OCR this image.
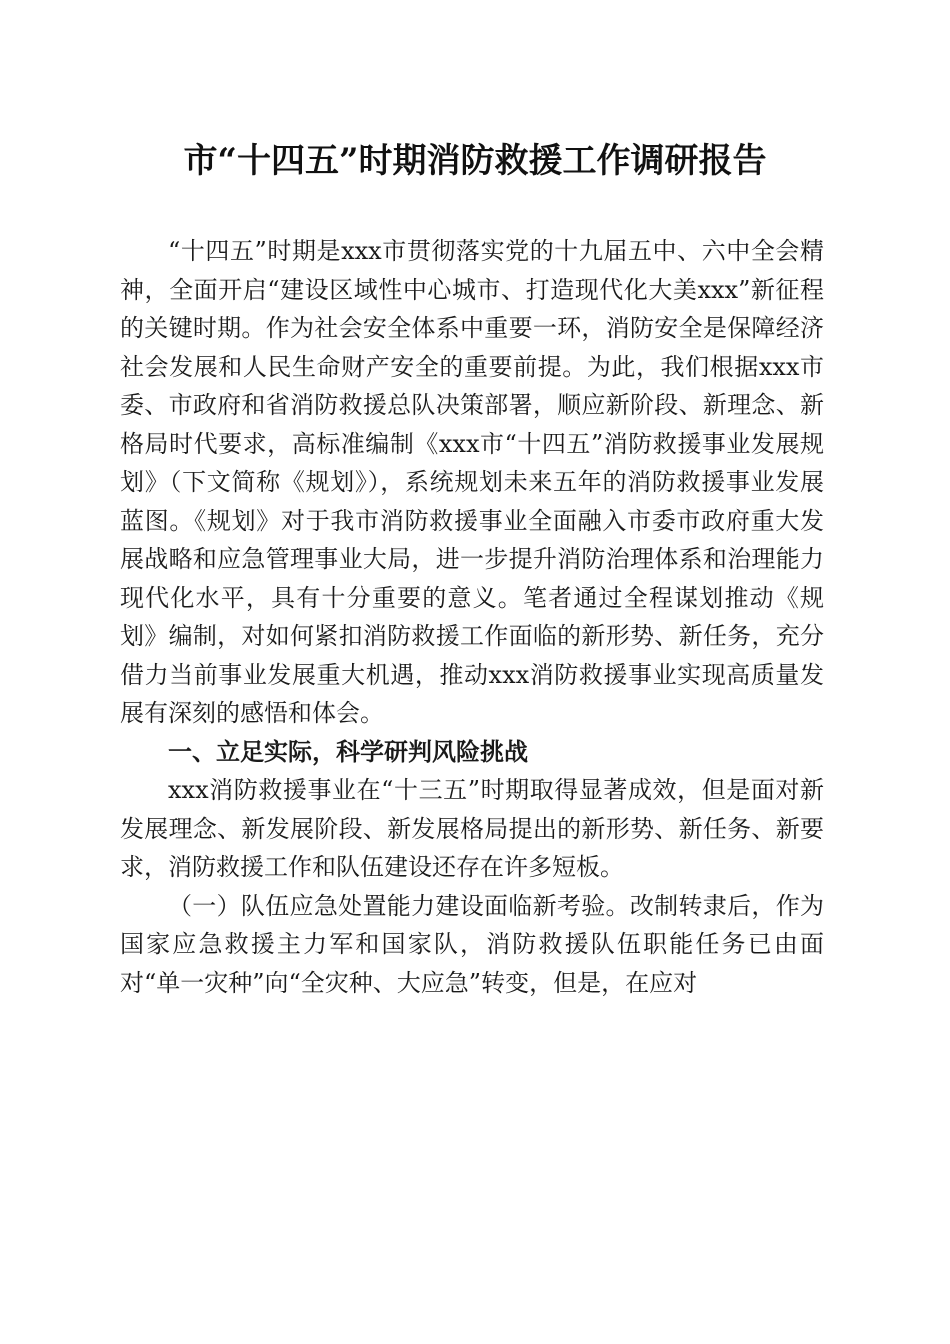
市“十四五”时期消防救援工作调研报告

“十四五”时期是xxx市贯彻落实党的十九届五中、六中全会精神，全面开启“建设区域性中心城市、打造现代化大美xxx”新征程的关键时期。作为社会安全体系中重要一环，消防安全是保障经济社会发展和人民生命财产安全的重要前提。为此，我们根据xxx市委、市政府和省消防救援总队决策部署，顺应新阶段、新理念、新格局时代要求，高标准编制《xxx市“十四五”消防救援事业发展规划》（下文简称《规划》），系统规划未来五年的消防救援事业发展蓝图。《规划》对于我市消防救援事业全面融入市委市政府重大发展战略和应急管理事业大局，进一步提升消防治理体系和治理能力现代化水平，具有十分重要的意义。笔者通过全程谋划推动《规划》编制，对如何紧扣消防救援工作面临的新形势、新任务，充分借力当前事业发展重大机遇，推动xxx消防救援事业实现高质量发展有深刻的感悟和体会。

一、立足实际，科学研判风险挑战

xxx消防救援事业在“十三五”时期取得显著成效，但是面对新发展理念、新发展阶段、新发展格局提出的新形势、新任务、新要求，消防救援工作和队伍建设还存在许多短板。

（一）队伍应急处置能力建设面临新考验。改制转隶后，作为国家应急救援主力军和国家队，消防救援队伍职能任务已由面对“单一灾种”向“全灾种、大应急”转变，但是，在应对
